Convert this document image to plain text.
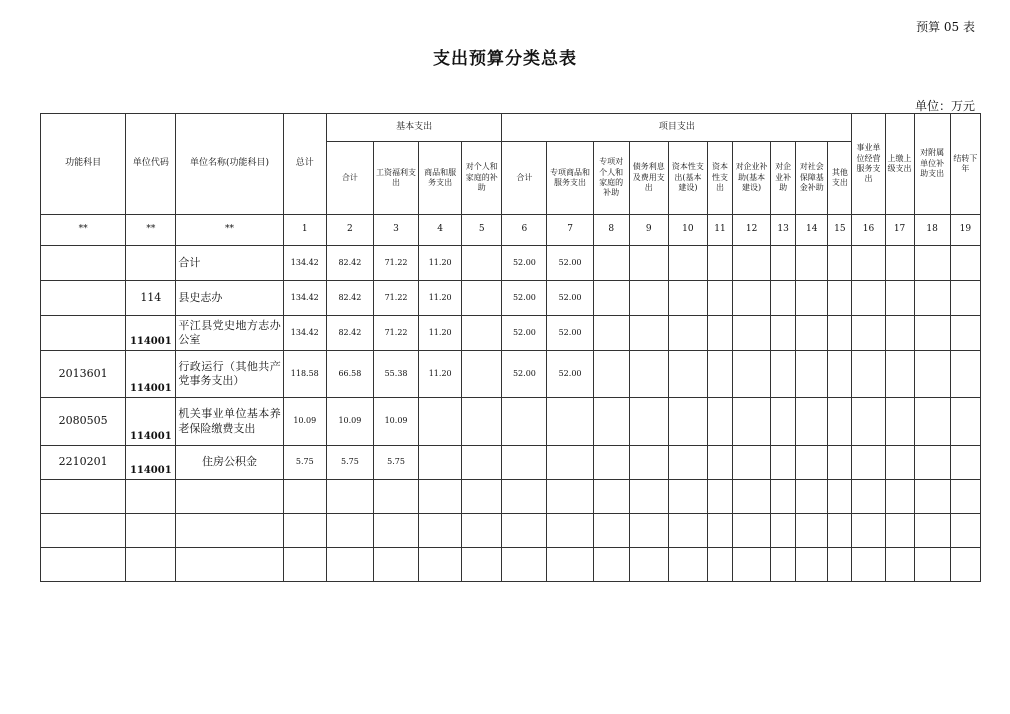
预算 05 表
支出预算分类总表
单位：万元
功能科目	单位代码	单位名称(功能科目)	总计	基本支出				项目支出										事业单位经营服务支出	上缴上级支出	对附属单位补助支出	结转下年
				合计	工资福利支出	商品和服务支出	对个人和家庭的补助	合计	专项商品和服务支出	专项对个人和家庭的补助	债务利息及费用支出	资本性支出(基本建设)	资本性支出	对企业补助(基本建设)	对企业补助	对社会保障基金补助	其他支出				
**	**	**	1	2	3	4	5	6	7	8	9	10	11	12	13	14	15	16	17	18	19
		合计	134.42	82.42	71.22	11.20		52.00	52.00												
	114	县史志办	134.42	82.42	71.22	11.20		52.00	52.00												
	114001	平江县党史地方志办公室	134.42	82.42	71.22	11.20		52.00	52.00												
2013601	114001	行政运行（其他共产党事务支出）	118.58	66.58	55.38	11.20		52.00	52.00												
2080505	114001	机关事业单位基本养老保险缴费支出	10.09	10.09	10.09																
2210201	114001	住房公积金	5.75	5.75	5.75																
